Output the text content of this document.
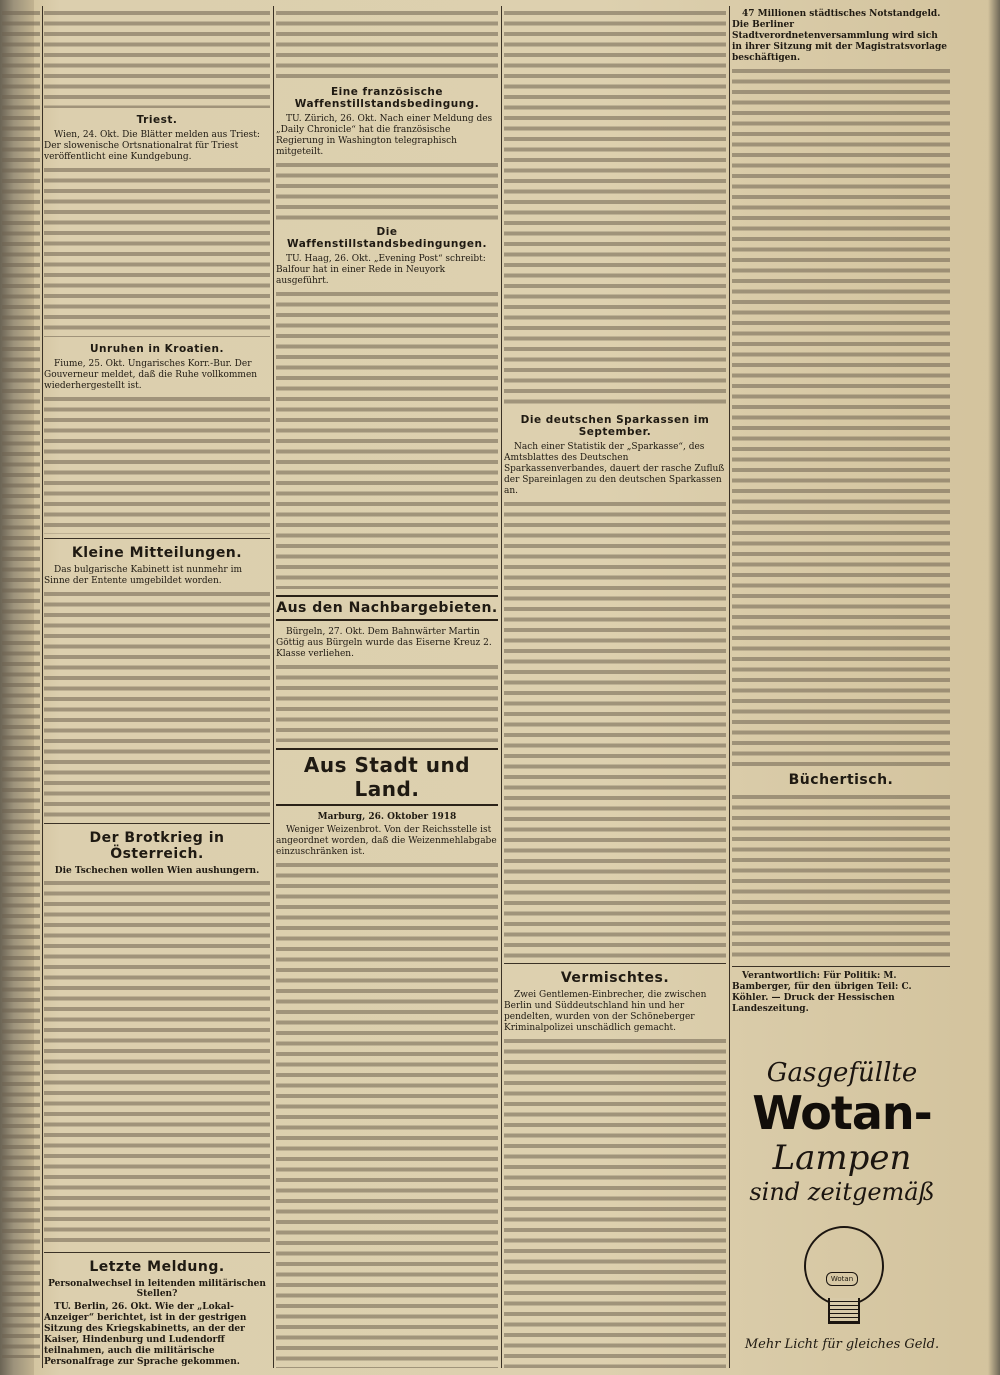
Triest.
Wien, 24. Okt. Die Blätter melden aus Triest: Der slowenische Ortsnationalrat für Triest veröffentlicht eine Kundgebung.
Unruhen in Kroatien.
Fiume, 25. Okt. Ungarisches Korr.-Bur. Der Gouverneur meldet, daß die Ruhe vollkommen wiederhergestellt ist.
Kleine Mitteilungen.
Das bulgarische Kabinett ist nunmehr im Sinne der Entente umgebildet worden.
Der Brotkrieg in Österreich.
Die Tschechen wollen Wien aushungern.
Letzte Meldung.
Personalwechsel in leitenden militärischen Stellen?
TU. Berlin, 26. Okt. Wie der „Lokal-Anzeiger“ berichtet, ist in der gestrigen Sitzung des Kriegskabinetts, an der der Kaiser, Hindenburg und Ludendorff teilnahmen, auch die militärische Personalfrage zur Sprache gekommen.
Eine französische Waffenstillstandsbedingung.
TU. Zürich, 26. Okt. Nach einer Meldung des „Daily Chronicle“ hat die französische Regierung in Washington telegraphisch mitgeteilt.
Die Waffenstillstandsbedingungen.
TU. Haag, 26. Okt. „Evening Post“ schreibt: Balfour hat in einer Rede in Neuyork ausgeführt.
Aus den Nachbargebieten.
Bürgeln, 27. Okt. Dem Bahnwärter Martin Göttig aus Bürgeln wurde das Eiserne Kreuz 2. Klasse verliehen.
Aus Stadt und Land.
Marburg, 26. Oktober 1918
Weniger Weizenbrot. Von der Reichsstelle ist angeordnet worden, daß die Weizenmehlabgabe einzuschränken ist.
Die deutschen Sparkassen im September.
Nach einer Statistik der „Sparkasse“, des Amtsblattes des Deutschen Sparkassenverbandes, dauert der rasche Zufluß der Spareinlagen zu den deutschen Sparkassen an.
Vermischtes.
Zwei Gentlemen-Einbrecher, die zwischen Berlin und Süddeutschland hin und her pendelten, wurden von der Schöneberger Kriminalpolizei unschädlich gemacht.
47 Millionen städtisches Notstandgeld. Die Berliner Stadtverordnetenversammlung wird sich in ihrer Sitzung mit der Magistratsvorlage beschäftigen.
Büchertisch.
Verantwortlich: Für Politik: M. Bamberger, für den übrigen Teil: C. Köhler. — Druck der Hessischen Landeszeitung.
Gasgefüllte
Wotan-
Lampen
sind zeitgemäß
Wotan
Mehr Licht für gleiches Geld.
